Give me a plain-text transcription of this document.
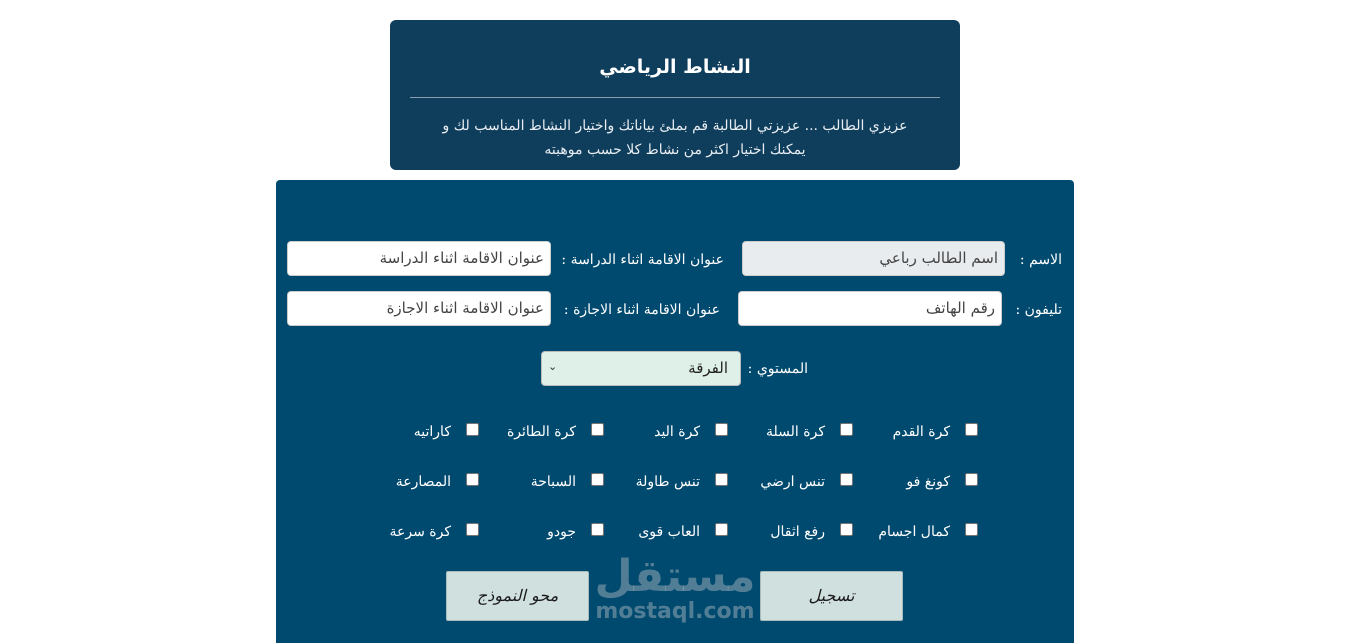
النشاط الرياضي

عزيزي الطالب ... عزيزتي الطالبة قم بملئ بياناتك واختيار النشاط المناسب لك و
يمكنك اختيار اكثر من نشاط كلا حسب موهبته

الاسم :
اسم الطالب رباعي
عنوان الاقامة اثناء الدراسة :
عنوان الاقامة اثناء الدراسة
تليفون :
رقم الهاتف
عنوان الاقامة اثناء الاجازة :
عنوان الاقامة اثناء الاجازة
المستوي :
الفرقة
⌄
كرة القدم
كرة السلة
كرة اليد
كرة الطائرة
كاراتيه
كونغ فو
تنس ارضي
تنس طاولة
السباحة
المصارعة
كمال اجسام
رفع اثقال
العاب قوى
جودو
كرة سرعة
تسجيل
محو النموذج مستقل
mostaql.com
